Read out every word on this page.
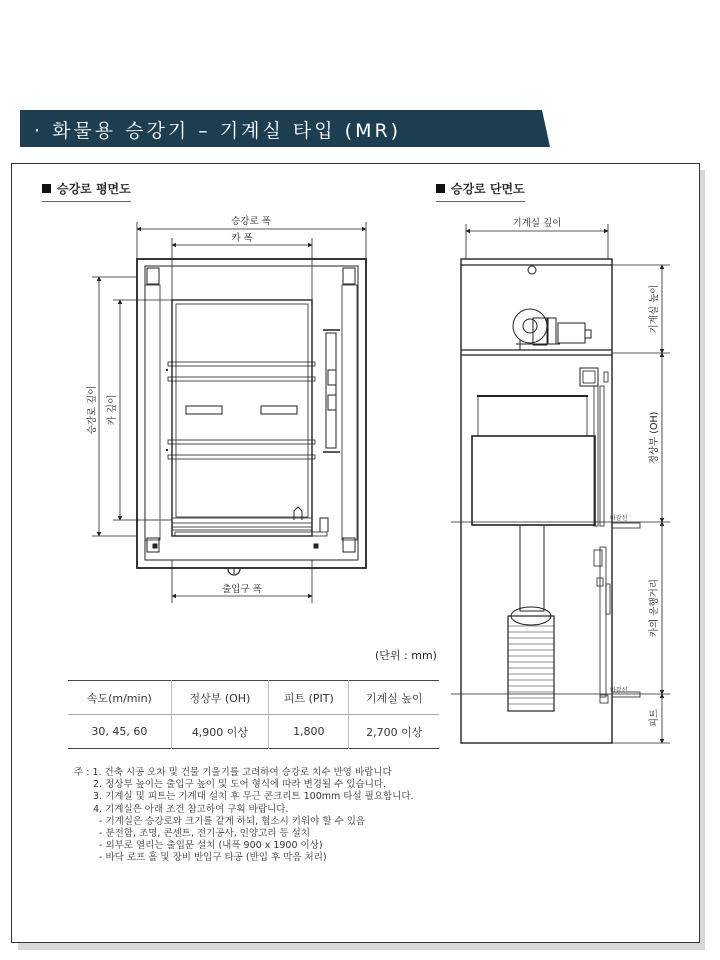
· 화물용 승강기 – 기계실 타입 (MR)
승강로 평면도	승강로 단면도
승강로 폭
카 폭
출입구 폭
승강로 깊이 카 깊이
기계실 깊이
기계실 높이
정상부 (OH)
카의 운행거리
피트
마감선
마감선
(단위 : mm)
속도(m/min)	정상부 (OH)	피트 (PIT)	기계실 높이
30, 45, 60	4,900 이상	1,800	2,700 이상
주 : 1. 건축 시공 오차 및 건물 기울기를 고려하여 승강로 치수 반영 바랍니다
2. 정상부 높이는 출입구 높이 및 도어 형식에 따라 변경될 수 있습니다.
3. 기계실 및 피트는 기계대 설치 후 무근 콘크리트 100mm 타설 필요합니다.
4. 기계실은 아래 조건 참고하여 구획 바랍니다.
- 기계실은 승강로와 크기를 같게 하되, 협소시 키워야 할 수 있음
- 분전함, 조명, 콘센트, 전기공사, 인양고리 등 설치
- 외부로 열리는 출입문 설치 (내폭 900 x 1900 이상)
- 바닥 로프 홀 및 장비 반입구 타공 (반입 후 막음 처리)
